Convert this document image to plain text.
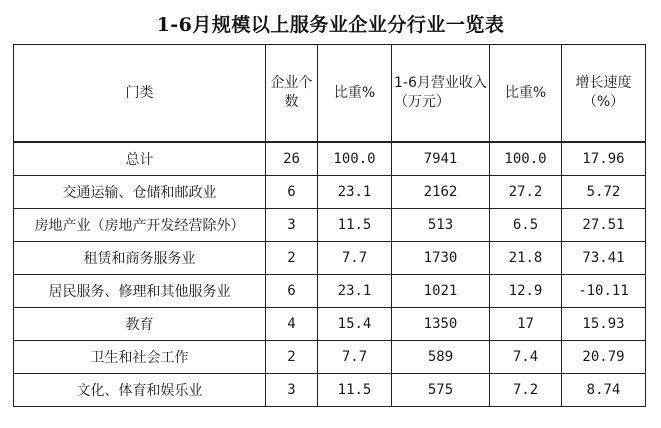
1-6月规模以上服务业企业分行业一览表
门类	企业个数	比重%	1-6月营业收入（万元）	比重%	增长速度（%）
总计	26	100.0	7941	100.0	17.96
交通运输、仓储和邮政业	6	23.1	2162	27.2	5.72
房地产业（房地产开发经营除外）	3	11.5	513	6.5	27.51
租赁和商务服务业	2	7.7	1730	21.8	73.41
居民服务、修理和其他服务业	6	23.1	1021	12.9	-10.11
教育	4	15.4	1350	17	15.93
卫生和社会工作	2	7.7	589	7.4	20.79
文化、体育和娱乐业	3	11.5	575	7.2	8.74
